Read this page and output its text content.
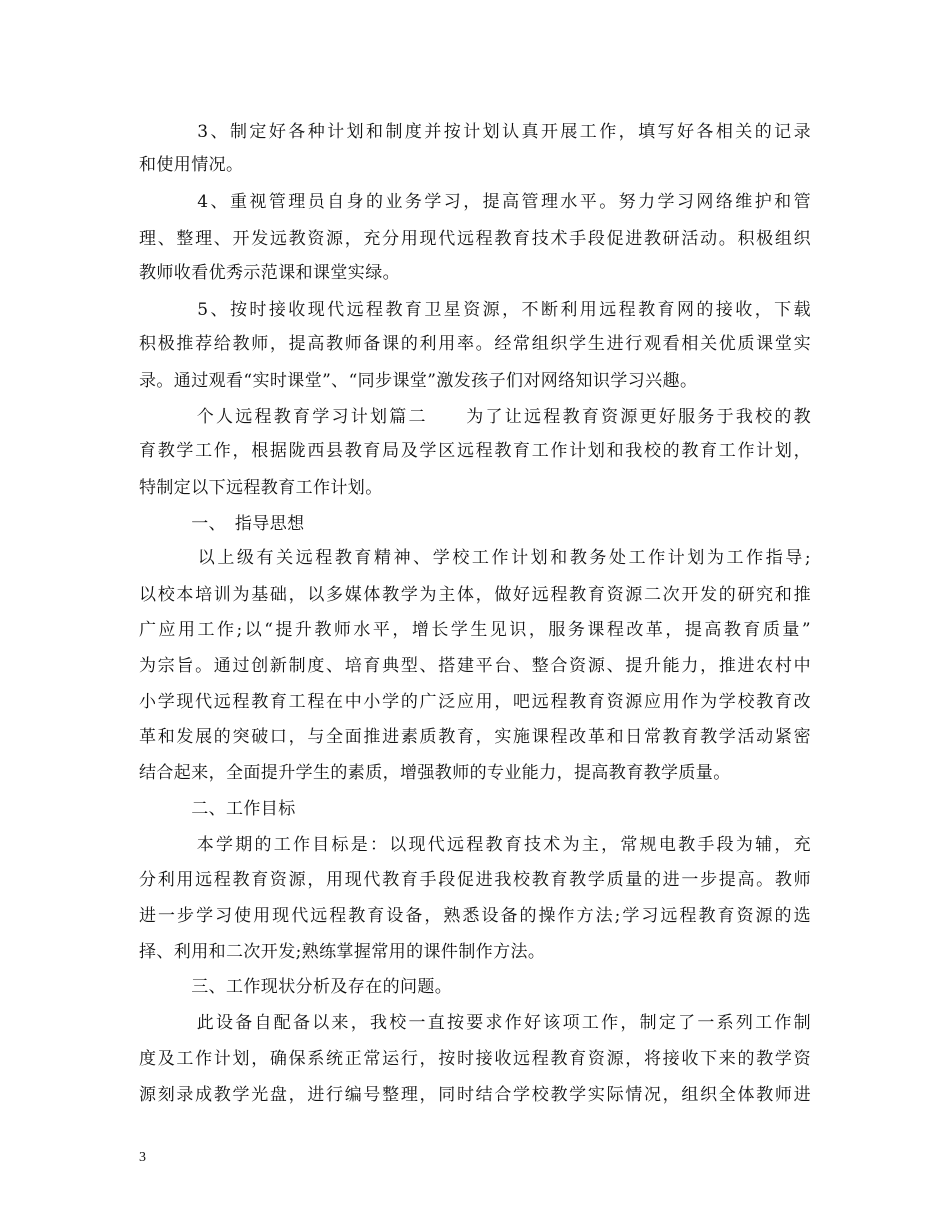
　　　3、制定好各种计划和制度并按计划认真开展工作，填写好各相关的记录
和使用情况。
　　　4、重视管理员自身的业务学习，提高管理水平。努力学习网络维护和管
理、整理、开发远教资源，充分用现代远程教育技术手段促进教研活动。积极组织
教师收看优秀示范课和课堂实绿。
　　　5、按时接收现代远程教育卫星资源，不断利用远程教育网的接收，下载
积极推荐给教师，提高教师备课的利用率。经常组织学生进行观看相关优质课堂实
录。通过观看“实时课堂”、“同步课堂”激发孩子们对网络知识学习兴趣。
　　　个人远程教育学习计划篇二　　为了让远程教育资源更好服务于我校的教
育教学工作，根据陇西县教育局及学区远程教育工作计划和我校的教育工作计划，
特制定以下远程教育工作计划。
　　　一、　指导思想
　　　以上级有关远程教育精神、学校工作计划和教务处工作计划为工作指导;
以校本培训为基础，以多媒体教学为主体，做好远程教育资源二次开发的研究和推
广应用工作;以“提升教师水平，增长学生见识，服务课程改革，提高教育质量”
为宗旨。通过创新制度、培育典型、搭建平台、整合资源、提升能力，推进农村中
小学现代远程教育工程在中小学的广泛应用，吧远程教育资源应用作为学校教育改
革和发展的突破口，与全面推进素质教育，实施课程改革和日常教育教学活动紧密
结合起来，全面提升学生的素质，增强教师的专业能力，提高教育教学质量。
　　　二、工作目标
　　　本学期的工作目标是：以现代远程教育技术为主，常规电教手段为辅，充
分利用远程教育资源，用现代教育手段促进我校教育教学质量的进一步提高。教师
进一步学习使用现代远程教育设备，熟悉设备的操作方法;学习远程教育资源的选
择、利用和二次开发;熟练掌握常用的课件制作方法。
　　　三、工作现状分析及存在的问题。
　　　此设备自配备以来，我校一直按要求作好该项工作，制定了一系列工作制
度及工作计划，确保系统正常运行，按时接收远程教育资源，将接收下来的教学资
源刻录成教学光盘，进行编号整理，同时结合学校教学实际情况，组织全体教师进
3
